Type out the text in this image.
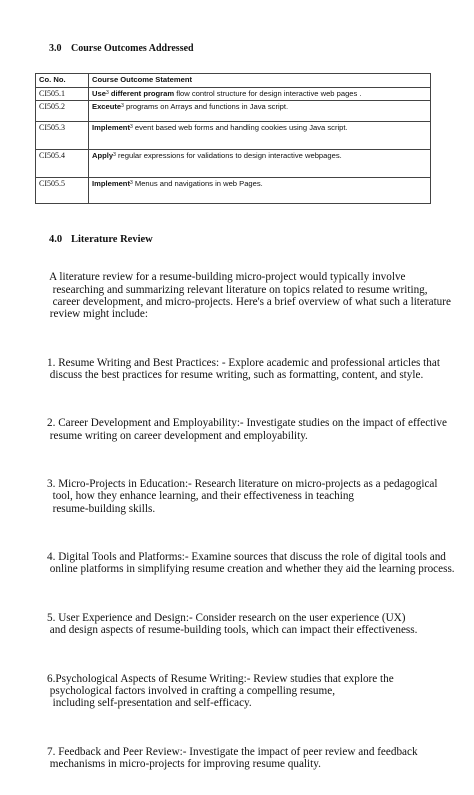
3.0 Course Outcomes Addressed
Co. No.	Course Outcome Statement
CI505.1	Use$^3$ different program flow control structure for design interactive web pages .
CI505.2	Exceute$^3$ programs on Arrays and functions in Java script.
CI505.3	Implement$^3$ event based web forms and handling cookies using Java script.
CI505.4	Apply$^3$ regular expressions for validations to design interactive webpages.
CI505.5	Implement$^3$ Menus and navigations in web Pages.
4.0 Literature Review

A literature review for a resume-building micro-project would typically involve
researching and summarizing relevant literature on topics related to resume writing,
career development, and micro-projects. Here's a brief overview of what such a literature
review might include:

1. Resume Writing and Best Practices: - Explore academic and professional articles that
discuss the best practices for resume writing, such as formatting, content, and style.

2. Career Development and Employability:- Investigate studies on the impact of effective
resume writing on career development and employability.

3. Micro-Projects in Education:- Research literature on micro-projects as a pedagogical
tool, how they enhance learning, and their effectiveness in teaching
resume-building skills.

4. Digital Tools and Platforms:- Examine sources that discuss the role of digital tools and
online platforms in simplifying resume creation and whether they aid the learning process.

5. User Experience and Design:- Consider research on the user experience (UX)
and design aspects of resume-building tools, which can impact their effectiveness.

6.Psychological Aspects of Resume Writing:- Review studies that explore the
psychological factors involved in crafting a compelling resume,
including self-presentation and self-efficacy.

7. Feedback and Peer Review:- Investigate the impact of peer review and feedback
mechanisms in micro-projects for improving resume quality.
